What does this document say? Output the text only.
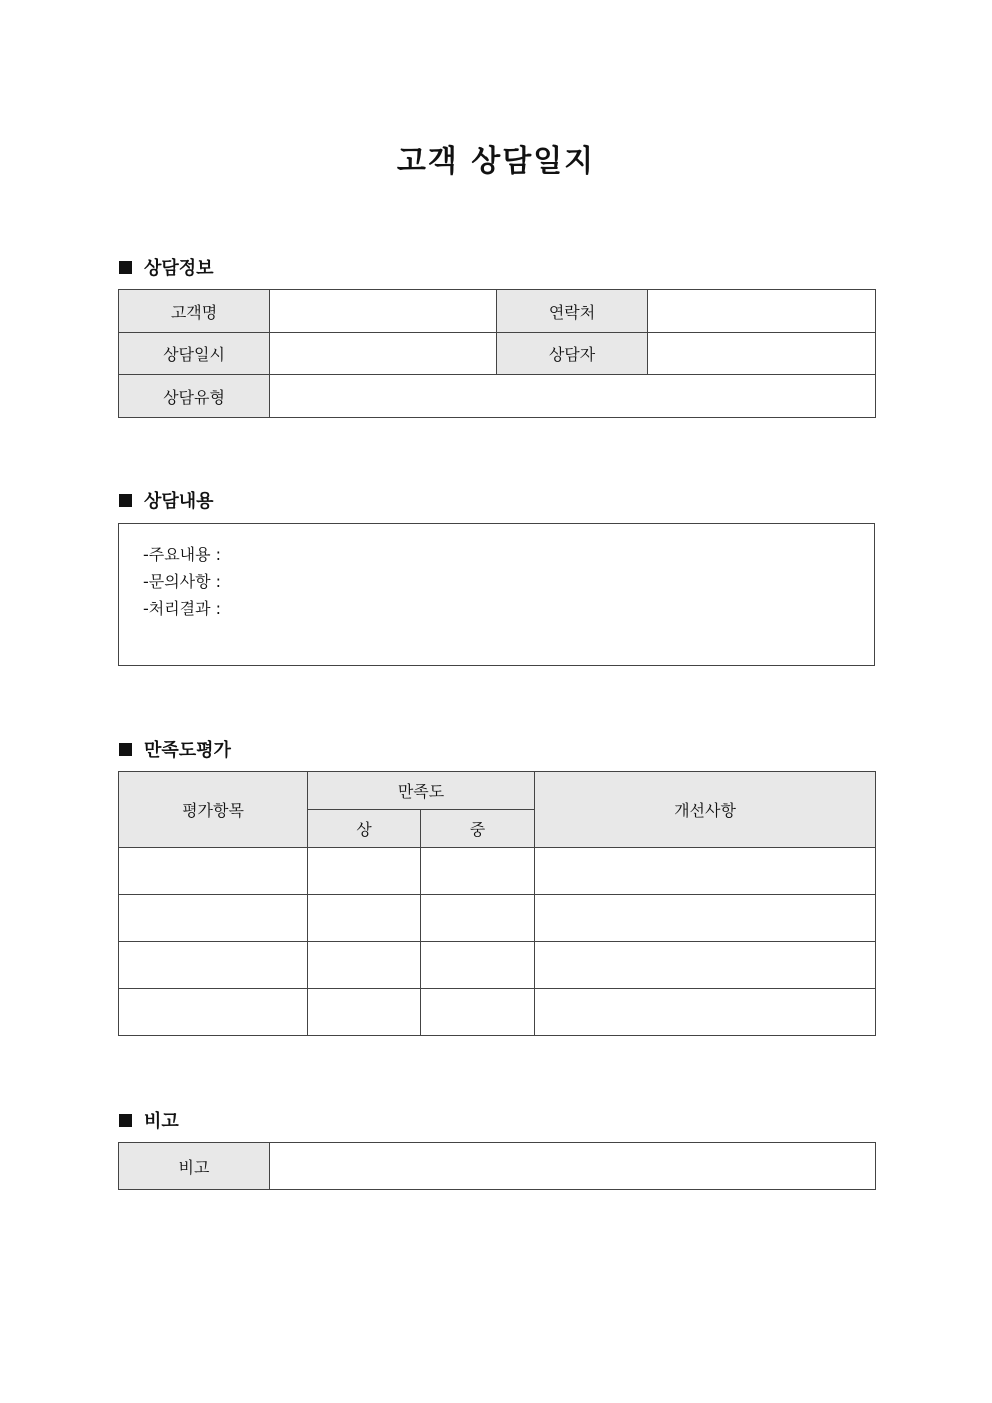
고객 상담일지
상담정보
고객명		연락처	
상담일시		상담자	
상담유형			
상담내용
-주요내용 :
-문의사항 :
-처리결과 :
만족도평가
평가항목	만족도		개선사항
	상	중	

비고
비고	
